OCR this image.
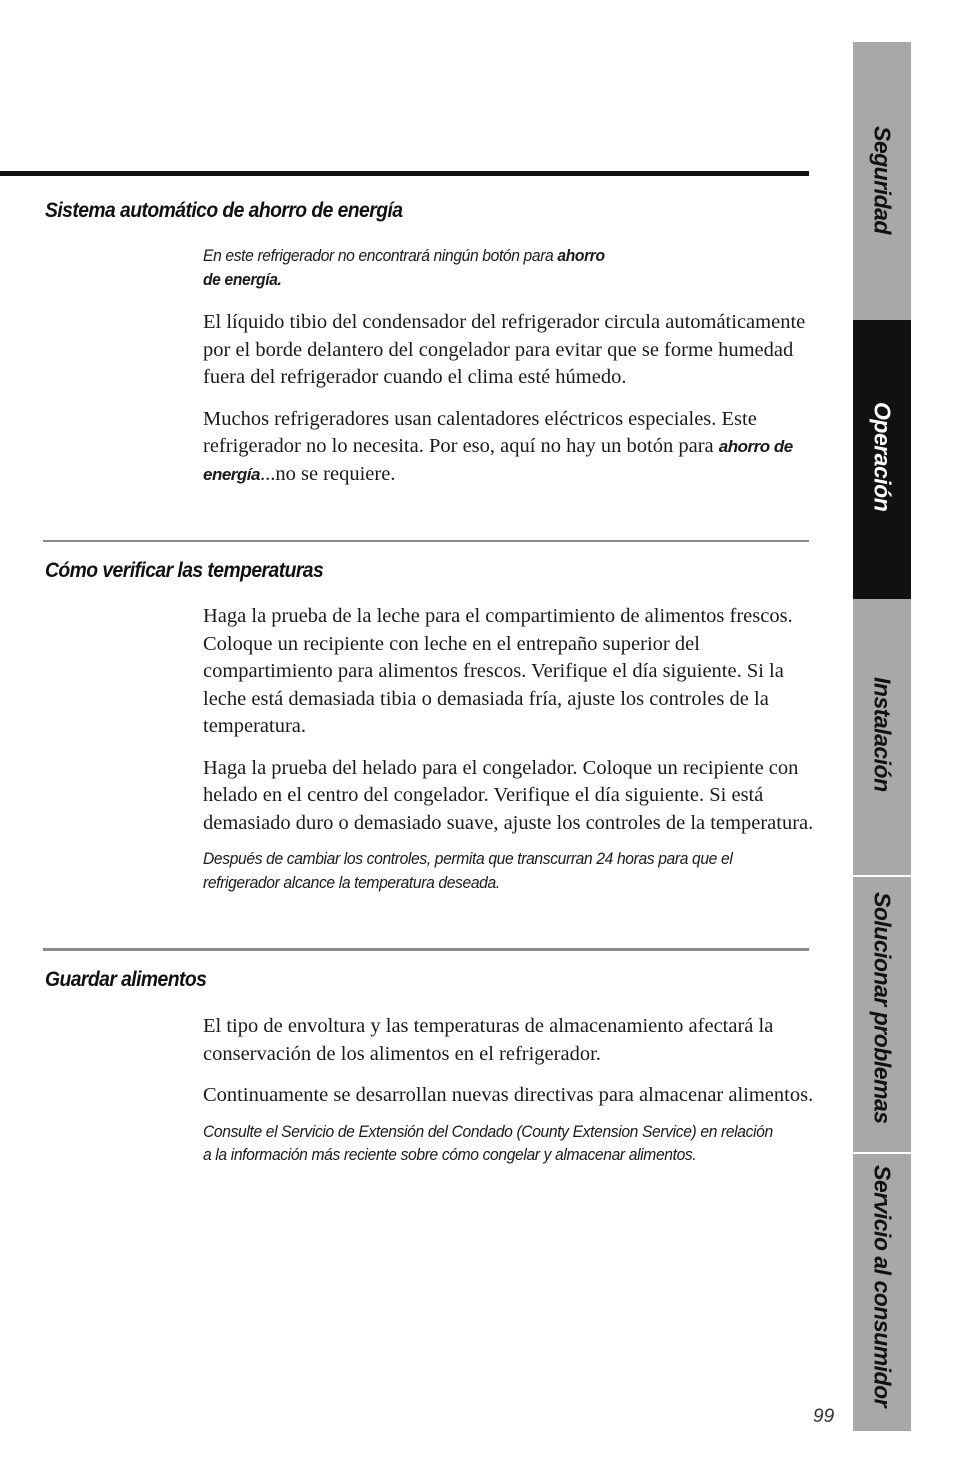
Sistema automático de ahorro de energía

En este refrigerador no encontrará ningún botón para ahorro
de energía.

El líquido tibio del condensador del refrigerador circula automáticamente por el borde delantero del congelador para evitar que se forme humedad fuera del refrigerador cuando el clima esté húmedo.

Muchos refrigeradores usan calentadores eléctricos especiales. Este refrigerador no lo necesita. Por eso, aquí no hay un botón para ahorro de energía...no se requiere.

Cómo verificar las temperaturas

Haga la prueba de la leche para el compartimiento de alimentos frescos. Coloque un recipiente con leche en el entrepaño superior del compartimiento para alimentos frescos. Verifique el día siguiente. Si la leche está demasiada tibia o demasiada fría, ajuste los controles de la temperatura.

Haga la prueba del helado para el congelador. Coloque un recipiente con helado en el centro del congelador. Verifique el día siguiente. Si está demasiado duro o demasiado suave, ajuste los controles de la temperatura.

Después de cambiar los controles, permita que transcurran 24 horas para que el refrigerador alcance la temperatura deseada.

Guardar alimentos

El tipo de envoltura y las temperaturas de almacenamiento afectará la conservación de los alimentos en el refrigerador.

Continuamente se desarrollan nuevas directivas para almacenar alimentos.

Consulte el Servicio de Extensión del Condado (County Extension Service) en relación a la información más reciente sobre cómo congelar y almacenar alimentos.

Seguridad
Operación
Instalación
Solucionar problemas
Servicio al consumidor
99
